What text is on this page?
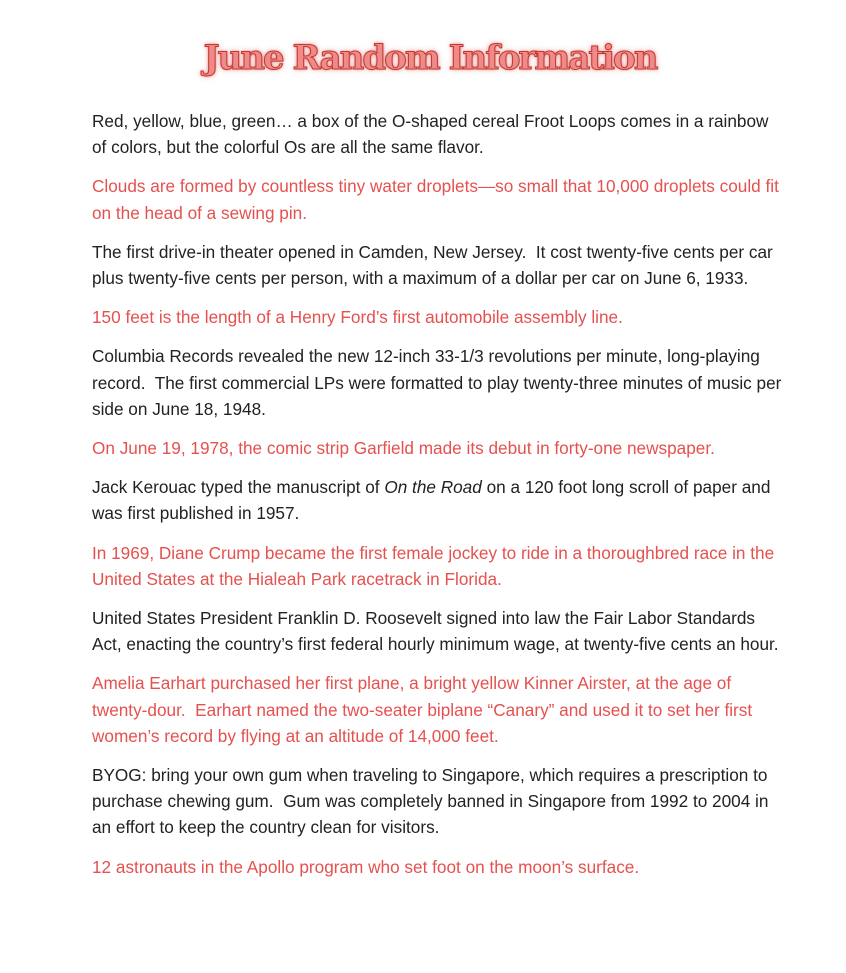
June Random Information

Red, yellow, blue, green… a box of the O-shaped cereal Froot Loops comes in a rainbow of colors, but the colorful Os are all the same flavor.

Clouds are formed by countless tiny water droplets—so small that 10,000 droplets could fit on the head of a sewing pin.

The first drive-in theater opened in Camden, New Jersey.  It cost twenty-five cents per car plus twenty-five cents per person, with a maximum of a dollar per car on June 6, 1933.

150 feet is the length of a Henry Ford’s first automobile assembly line.

Columbia Records revealed the new 12-inch 33-1/3 revolutions per minute, long-playing record.  The first commercial LPs were formatted to play twenty-three minutes of music per side on June 18, 1948.

On June 19, 1978, the comic strip Garfield made its debut in forty-one newspaper.

Jack Kerouac typed the manuscript of On the Road on a 120 foot long scroll of paper and was first published in 1957.

In 1969, Diane Crump became the first female jockey to ride in a thoroughbred race in the United States at the Hialeah Park racetrack in Florida.

United States President Franklin D. Roosevelt signed into law the Fair Labor Standards Act, enacting the country’s first federal hourly minimum wage, at twenty-five cents an hour.

Amelia Earhart purchased her first plane, a bright yellow Kinner Airster, at the age of twenty-dour.  Earhart named the two-seater biplane “Canary” and used it to set her first women’s record by flying at an altitude of 14,000 feet.

BYOG: bring your own gum when traveling to Singapore, which requires a prescription to purchase chewing gum.  Gum was completely banned in Singapore from 1992 to 2004 in an effort to keep the country clean for visitors.

12 astronauts in the Apollo program who set foot on the moon’s surface.
